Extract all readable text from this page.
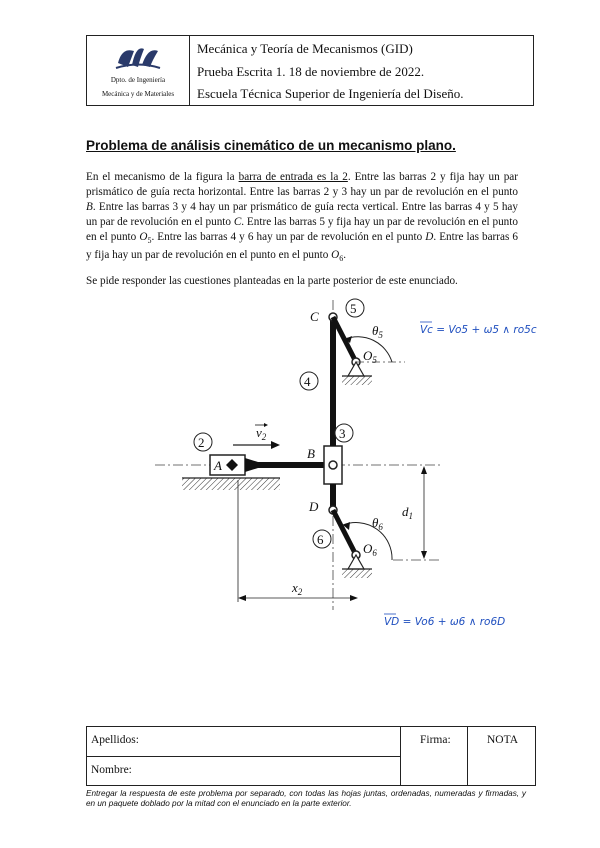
Dpto. de Ingeniería
Mecánica y de Materiales
Mecánica y Teoría de Mecanismos (GID)
Prueba Escrita 1. 18 de noviembre de 2022.
Escuela Técnica Superior de Ingeniería del Diseño.
Problema de análisis cinemático de un mecanismo plano.
En el mecanismo de la figura la barra de entrada es la 2. Entre las barras 2 y fija hay un par prismático de guía recta horizontal. Entre las barras 2 y 3 hay un par de revolución en el punto B. Entre las barras 3 y 4 hay un par prismático de guía recta vertical. Entre las barras 4 y 5 hay un par de revolución en el punto C. Entre las barras 5 y fija hay un par de revolución en el punto en el punto $O_5$. Entre las barras 4 y 6 hay un par de revolución en el punto D. Entre las barras 6 y fija hay un par de revolución en el punto en el punto $O_6$.
Se pide responder las cuestiones planteadas en la parte posterior de este enunciado.
2
3
4
5
6
A
B
C
D
$O_5$
$O_6$
$\theta_5$
$\theta_6$
$v_2$
$d_1$
$x_2$
Vc = Vo5 + ω5 ∧ ro5c
VD = Vo6 + ω6 ∧ ro6D
Apellidos:
Nombre:
Firma:	NOTA
Entregar la respuesta de este problema por separado, con todas las hojas juntas, ordenadas, numeradas y firmadas, y en un paquete doblado por la mitad con el enunciado en la parte exterior.
